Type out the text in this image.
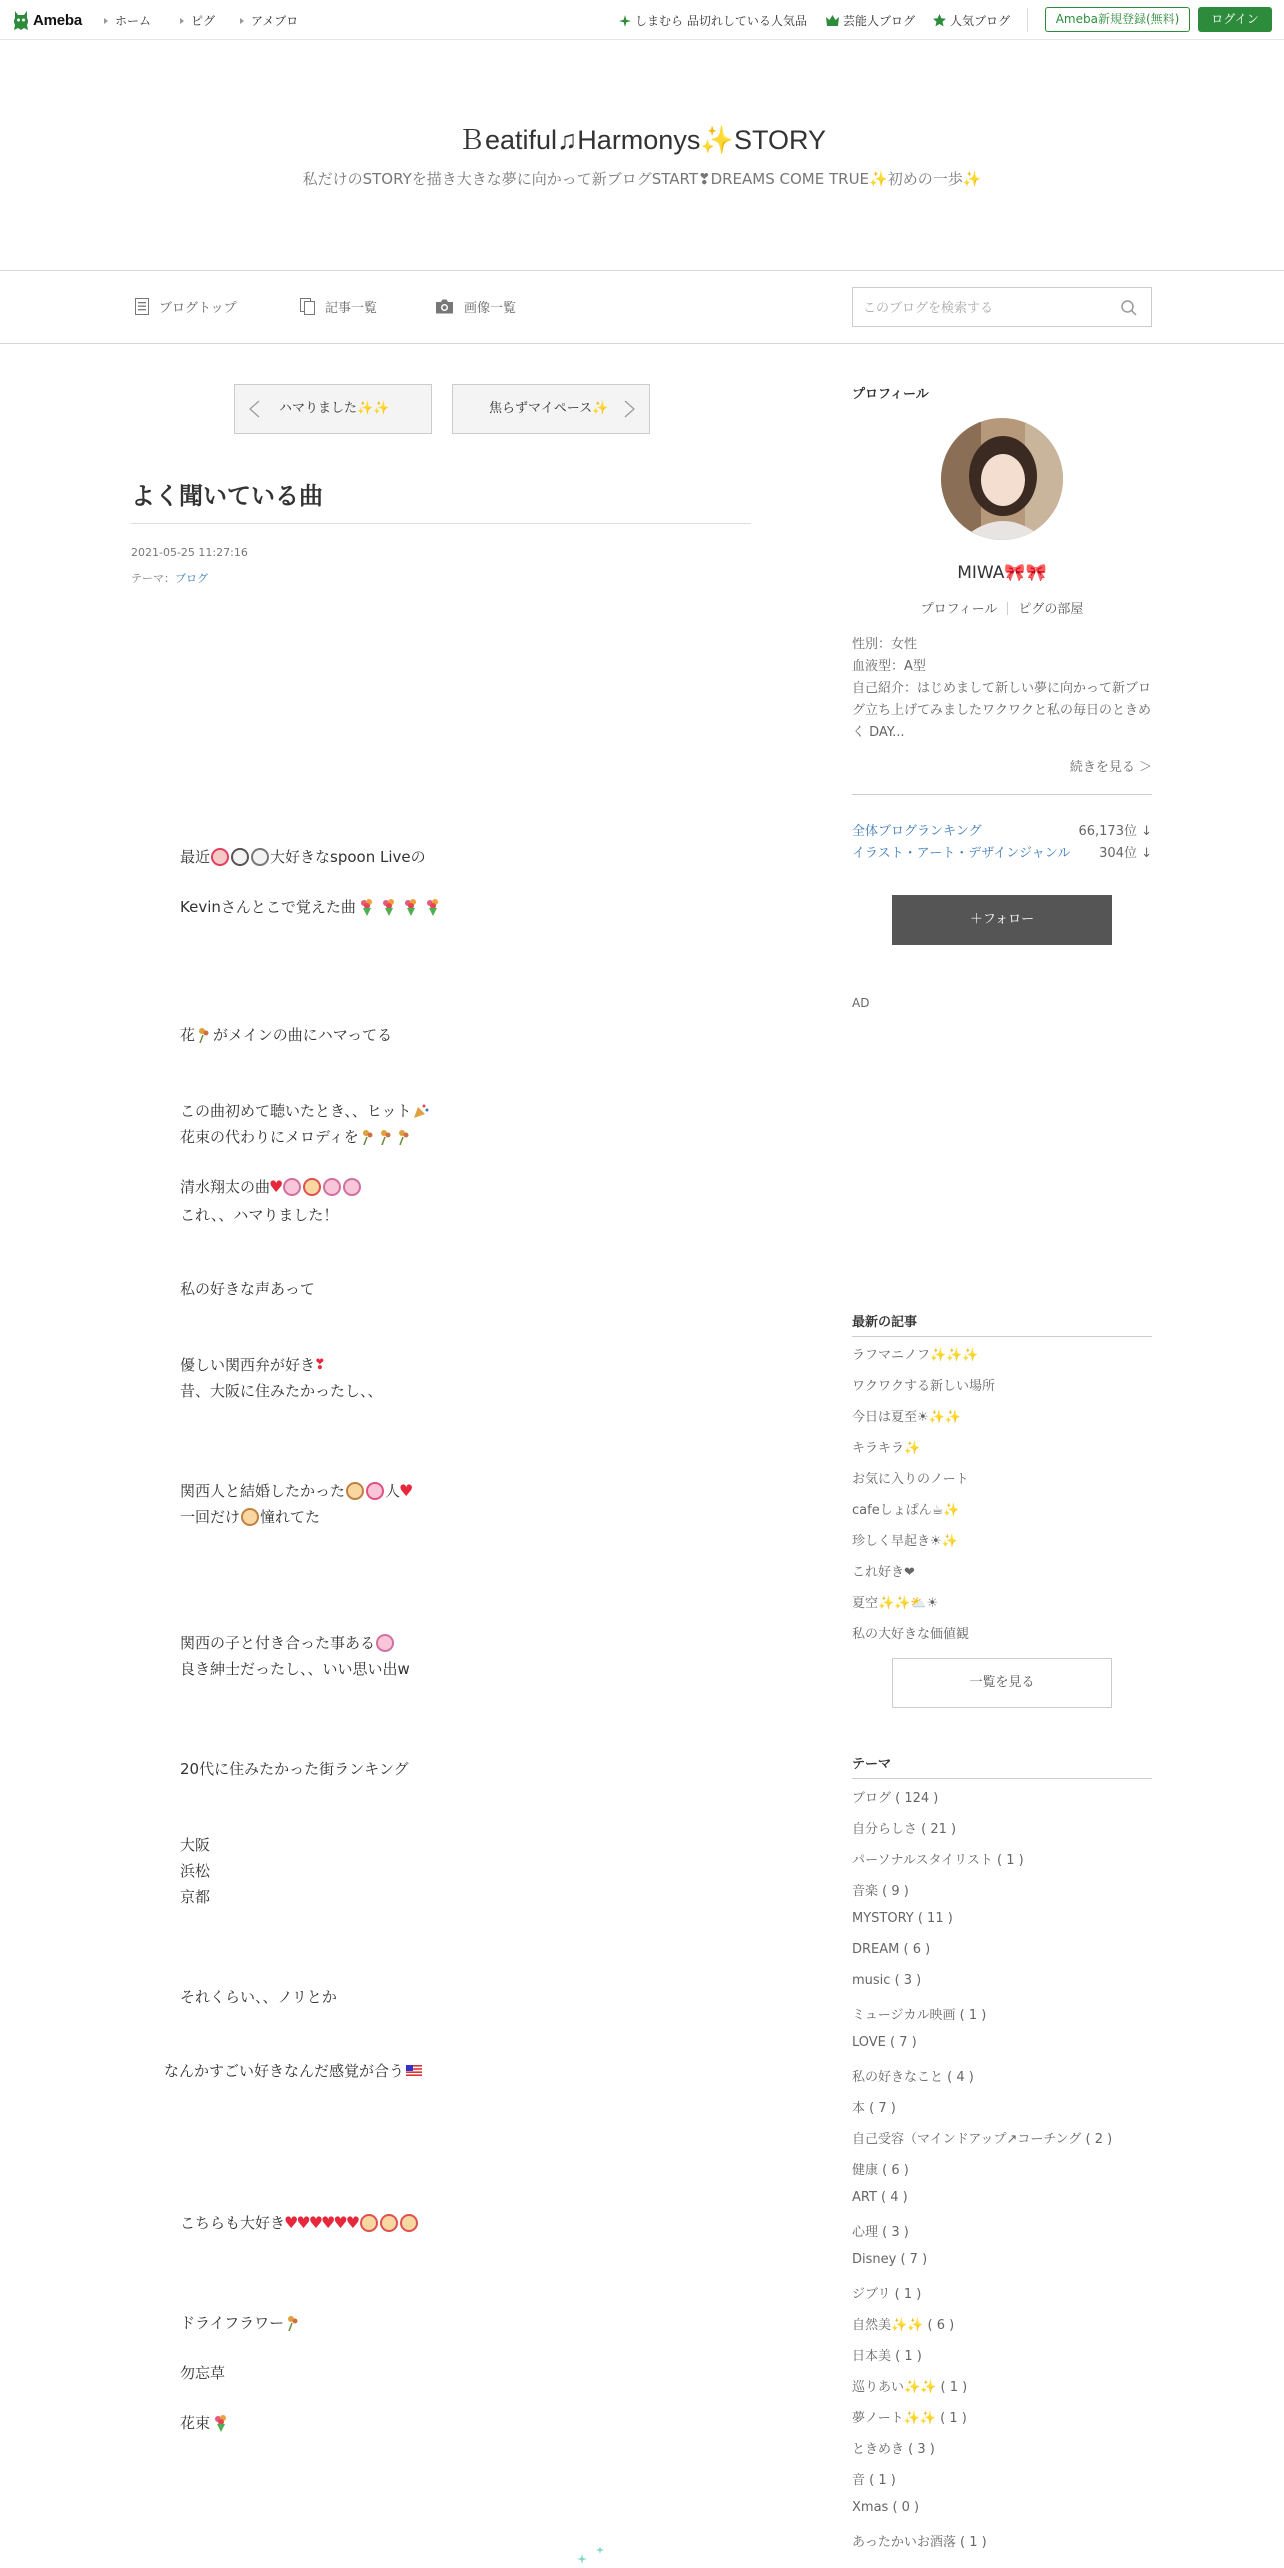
Ameba	ホーム	ピグ	アメブロ	しまむら 品切れしている人気品	芸能人ブログ	人気ブログ	Ameba新規登録(無料)	ログイン
Ｂeatiful♫Harmonys✨STORY
私だけのSTORYを描き大きな夢に向かって新ブログSTART❣DREAMS COME TRUE✨初めの一歩✨
ブログトップ	記事一覧	画像一覧
このブログを検索する
ハマりました✨✨	焦らずマイペース✨
よく聞いている曲
2021-05-25 11:27:16
テーマ：ブログ
最近	大好きなspoon Liveの
Kevinさんとこで覚えた曲
花 がメインの曲にハマってる
この曲初めて聴いたとき、、ヒット
花束の代わりにメロディを
清水翔太の曲 ♥
これ、、ハマりました！
私の好きな声あって
優しい関西弁が好き ❣
昔、大阪に住みたかったし、、
関西人と結婚したかった	人 ♥
一回だけ 憧れてた
関西の子と付き合った事ある
良き紳士だったし、、いい思い出w
20代に住みたかった街ランキング
大阪
浜松
京都
それくらい、、ノリとか
なんかすごい好きなんだ感覚が合う
こちらも大好き ♥
♥
♥
♥
♥
♥
ドライフラワー
勿忘草
花束
プロフィール
MIWA🎀🎀
プロフィール ピグの部屋
性別：女性
血液型：A型
自己紹介：はじめまして新しい夢に向かって新ブログ立ち上げてみましたワクワクと私の毎日のときめく DAY...
続きを見る ＞
全体ブログランキング	66,173位 ↓
イラスト・アート・デザインジャンル 304位 ↓
＋フォロー
AD
最新の記事
ラフマニノフ✨✨✨
ワクワクする新しい場所
今日は夏至☀✨✨
キラキラ✨
お気に入りのノート
cafeしょぱん☕✨
珍しく早起き☀✨
これ好き❤
夏空✨✨⛅☀
私の大好きな価値観
一覧を見る
テーマ
ブログ ( 124 )
自分らしさ ( 21 )
パーソナルスタイリスト ( 1 )
音楽 ( 9 )
MYSTORY ( 11 )
DREAM ( 6 )
music ( 3 )
ミュージカル映画 ( 1 )
LOVE ( 7 )
私の好きなこと ( 4 )
本 ( 7 )
自己受容（マインドアップ↗コーチング ( 2 )
健康 ( 6 )
ART ( 4 )
心理 ( 3 )
Disney ( 7 )
ジブリ ( 1 )
自然美✨✨ ( 6 )
日本美 ( 1 )
巡りあい✨✨ ( 1 )
夢ノート✨✨ ( 1 )
ときめき ( 3 )
音 ( 1 )
Xmas ( 0 )
あったかいお酒落 ( 1 )
